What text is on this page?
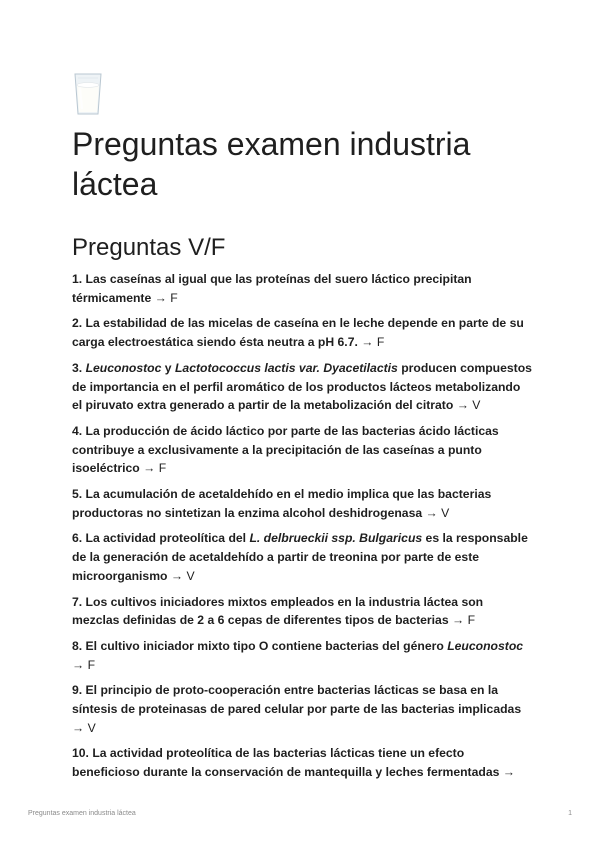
Preguntas examen industria láctea
Preguntas V/F
1. Las caseínas al igual que las proteínas del suero láctico precipitan térmicamente → F
2. La estabilidad de las micelas de caseína en le leche depende en parte de su carga electroestática siendo ésta neutra a pH 6.7. → F
3. Leuconostoc y Lactotococcus lactis var. Dyacetilactis producen compuestos de importancia en el perfil aromático de los productos lácteos metabolizando el piruvato extra generado a partir de la metabolización del citrato → V
4. La producción de ácido láctico por parte de las bacterias ácido lácticas contribuye a exclusivamente a la precipitación de las caseínas a punto isoeléctrico → F
5. La acumulación de acetaldehído en el medio implica que las bacterias productoras no sintetizan la enzima alcohol deshidrogenasa → V
6. La actividad proteolítica del L. delbrueckii ssp. Bulgaricus es la responsable de la generación de acetaldehído a partir de treonina por parte de este microorganismo → V
7. Los cultivos iniciadores mixtos empleados en la industria láctea son mezclas definidas de 2 a 6 cepas de diferentes tipos de bacterias → F
8. El cultivo iniciador mixto tipo O contiene bacterias del género Leuconostoc → F
9. El principio de proto-cooperación entre bacterias lácticas se basa en la síntesis de proteinasas de pared celular por parte de las bacterias implicadas → V
10. La actividad proteolítica de las bacterias lácticas tiene un efecto beneficioso durante la conservación de mantequilla y leches fermentadas →
Preguntas examen industria láctea	1
